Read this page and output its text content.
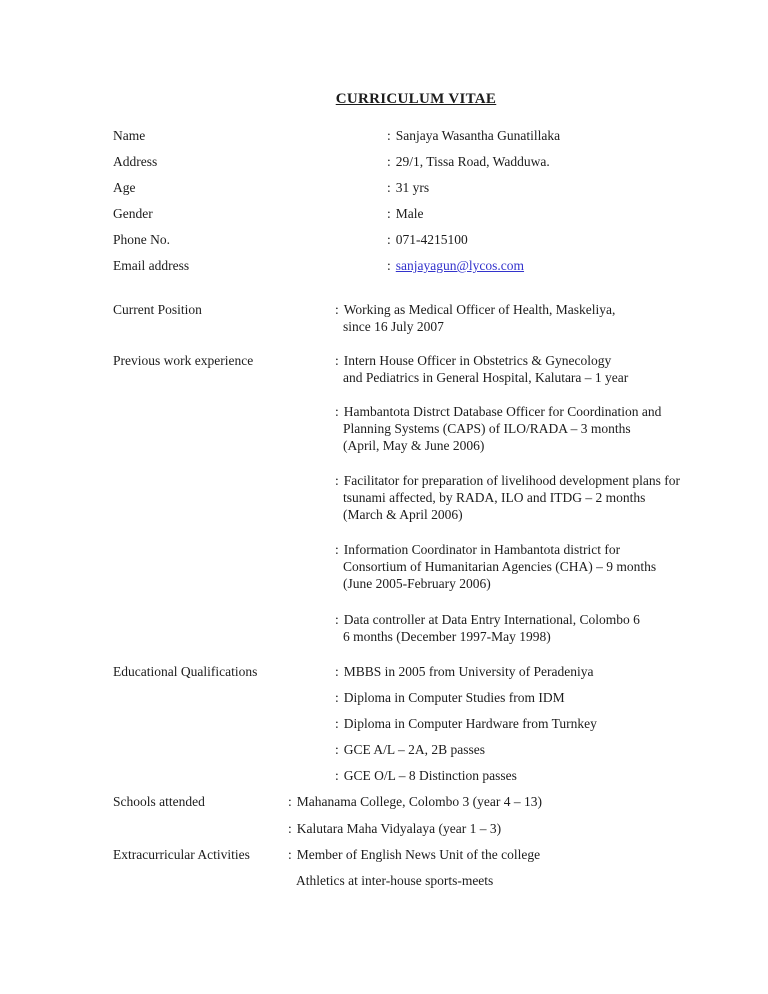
CURRICULUM VITAE
Name	: Sanjaya Wasantha Gunatillaka
Address	: 29/1, Tissa Road, Wadduwa.
Age	: 31 yrs
Gender	: Male
Phone No.	: 071-4215100
Email address	: sanjayagun@lycos.com
Current Position	: Working as Medical Officer of Health, Maskeliya,
since 16 July 2007
Previous work experience	: Intern House Officer in Obstetrics & Gynecology
and Pediatrics in General Hospital, Kalutara – 1 year
: Hambantota Distrct Database Officer for Coordination and
Planning Systems (CAPS) of ILO/RADA – 3 months
(April, May & June 2006)
: Facilitator for preparation of livelihood development plans for
tsunami affected, by RADA, ILO and ITDG – 2 months
(March & April 2006)
: Information Coordinator in Hambantota district for
Consortium of Humanitarian Agencies (CHA) – 9 months
(June 2005-February 2006)
: Data controller at Data Entry International, Colombo 6
6 months (December 1997-May 1998)
Educational Qualifications	: MBBS in 2005 from University of Peradeniya
: Diploma in Computer Studies from IDM
: Diploma in Computer Hardware from Turnkey
: GCE A/L – 2A, 2B passes
: GCE O/L – 8 Distinction passes
Schools attended	: Mahanama College, Colombo 3 (year 4 – 13)
: Kalutara Maha Vidyalaya (year 1 – 3)
Extracurricular Activities	: Member of English News Unit of the college
Athletics at inter-house sports-meets
